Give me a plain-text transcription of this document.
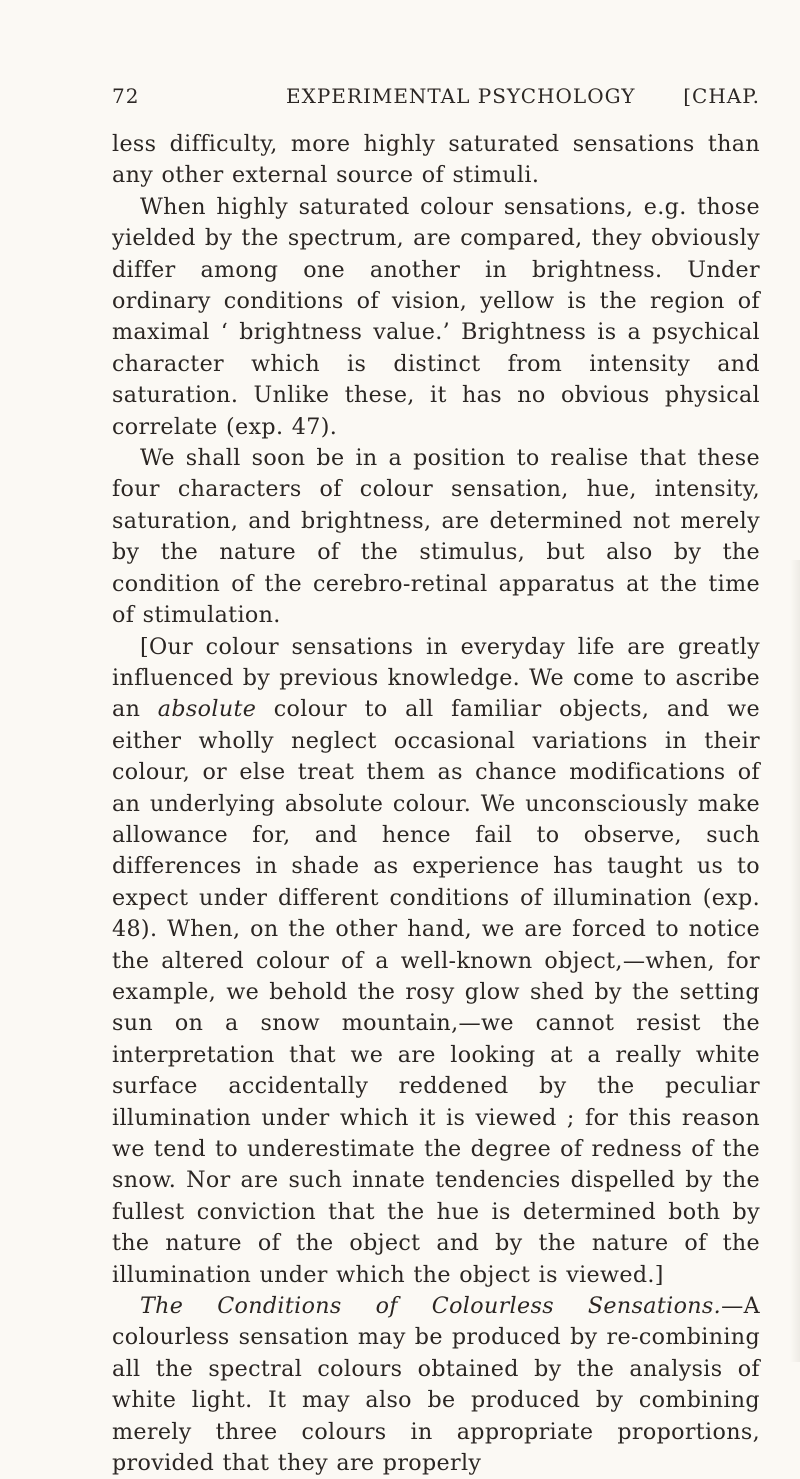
72	EXPERIMENTAL PSYCHOLOGY [CHAP.

less difficulty, more highly saturated sensations than any other external source of stimuli.

When highly saturated colour sensations, e.g. those yielded by the spectrum, are compared, they obviously differ among one another in brightness. Under ordinary conditions of vision, yellow is the region of maximal ‘ brightness value.’ Brightness is a psychical character which is distinct from intensity and saturation. Unlike these, it has no obvious physical correlate (exp. 47).

We shall soon be in a position to realise that these four characters of colour sensation, hue, intensity, saturation, and brightness, are determined not merely by the nature of the stimulus, but also by the condition of the cerebro-retinal apparatus at the time of stimulation.

[Our colour sensations in everyday life are greatly influenced by previous knowledge. We come to ascribe an absolute colour to all familiar objects, and we either wholly neglect occasional variations in their colour, or else treat them as chance modifications of an underlying absolute colour. We unconsciously make allowance for, and hence fail to observe, such differences in shade as experience has taught us to expect under different conditions of illumination (exp. 48). When, on the other hand, we are forced to notice the altered colour of a well-known object,—when, for example, we behold the rosy glow shed by the setting sun on a snow mountain,—we cannot resist the interpretation that we are looking at a really white surface accidentally reddened by the peculiar illumination under which it is viewed ; for this reason we tend to underestimate the degree of redness of the snow. Nor are such innate tendencies dispelled by the fullest conviction that the hue is determined both by the nature of the object and by the nature of the illumination under which the object is viewed.]

The Conditions of Colourless Sensations.—A colourless sensation may be produced by re-combining all the spectral colours obtained by the analysis of white light. It may also be produced by combining merely three colours in appropriate proportions, provided that they are properly
